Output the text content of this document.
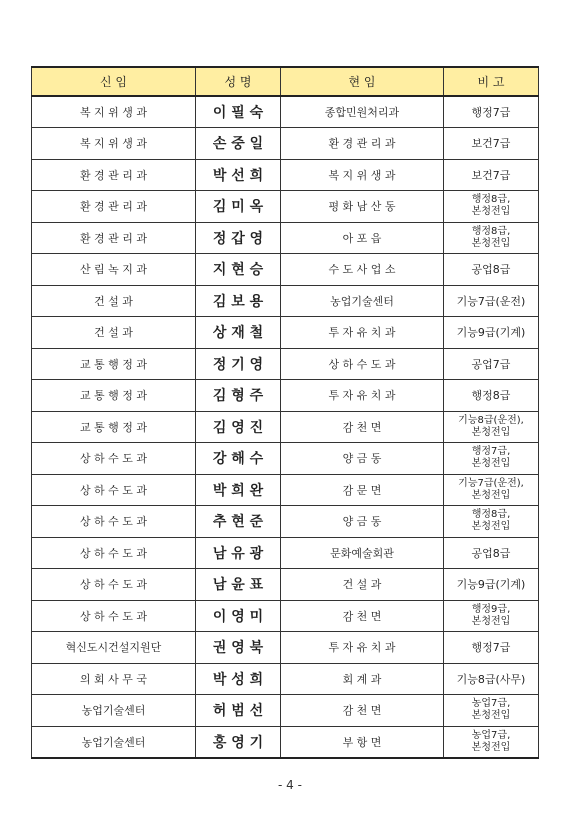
신 임	성 명	현 임	비 고
복 지 위 생 과	이 필 숙	종합민원처리과	행정7급
복 지 위 생 과	손 중 일	환 경 관 리 과	보건7급
환 경 관 리 과	박 선 희	복 지 위 생 과	보건7급
환 경 관 리 과	김 미 옥	평 화 남 산 동	행정8급,
본청전입
환 경 관 리 과	정 갑 영	아 포 읍	행정8급,
본청전입
산 림 녹 지 과	지 현 승	수 도 사 업 소	공업8급
건 설 과	김 보 용	농업기술센터	기능7급(운전)
건 설 과	상 재 철	투 자 유 치 과	기능9급(기계)
교 통 행 정 과	정 기 영	상 하 수 도 과	공업7급
교 통 행 정 과	김 형 주	투 자 유 치 과	행정8급
교 통 행 정 과	김 영 진	감 천 면	기능8급(운전),
본청전입
상 하 수 도 과	강 해 수	양 금 동	행정7급,
본청전입
상 하 수 도 과	박 희 완	감 문 면	기능7급(운전),
본청전입
상 하 수 도 과	추 현 준	양 금 동	행정8급,
본청전입
상 하 수 도 과	남 유 광	문화예술회관	공업8급
상 하 수 도 과	남 윤 표	건 설 과	기능9급(기계)
상 하 수 도 과	이 영 미	감 천 면	행정9급,
본청전입
혁신도시건설지원단	권 영 북	투 자 유 치 과	행정7급
의 회 사 무 국	박 성 희	회 계 과	기능8급(사무)
농업기술센터	허 범 선	감 천 면	농업7급,
본청전입
농업기술센터	홍 영 기	부 항 면	농업7급,
본청전입
- 4 -
